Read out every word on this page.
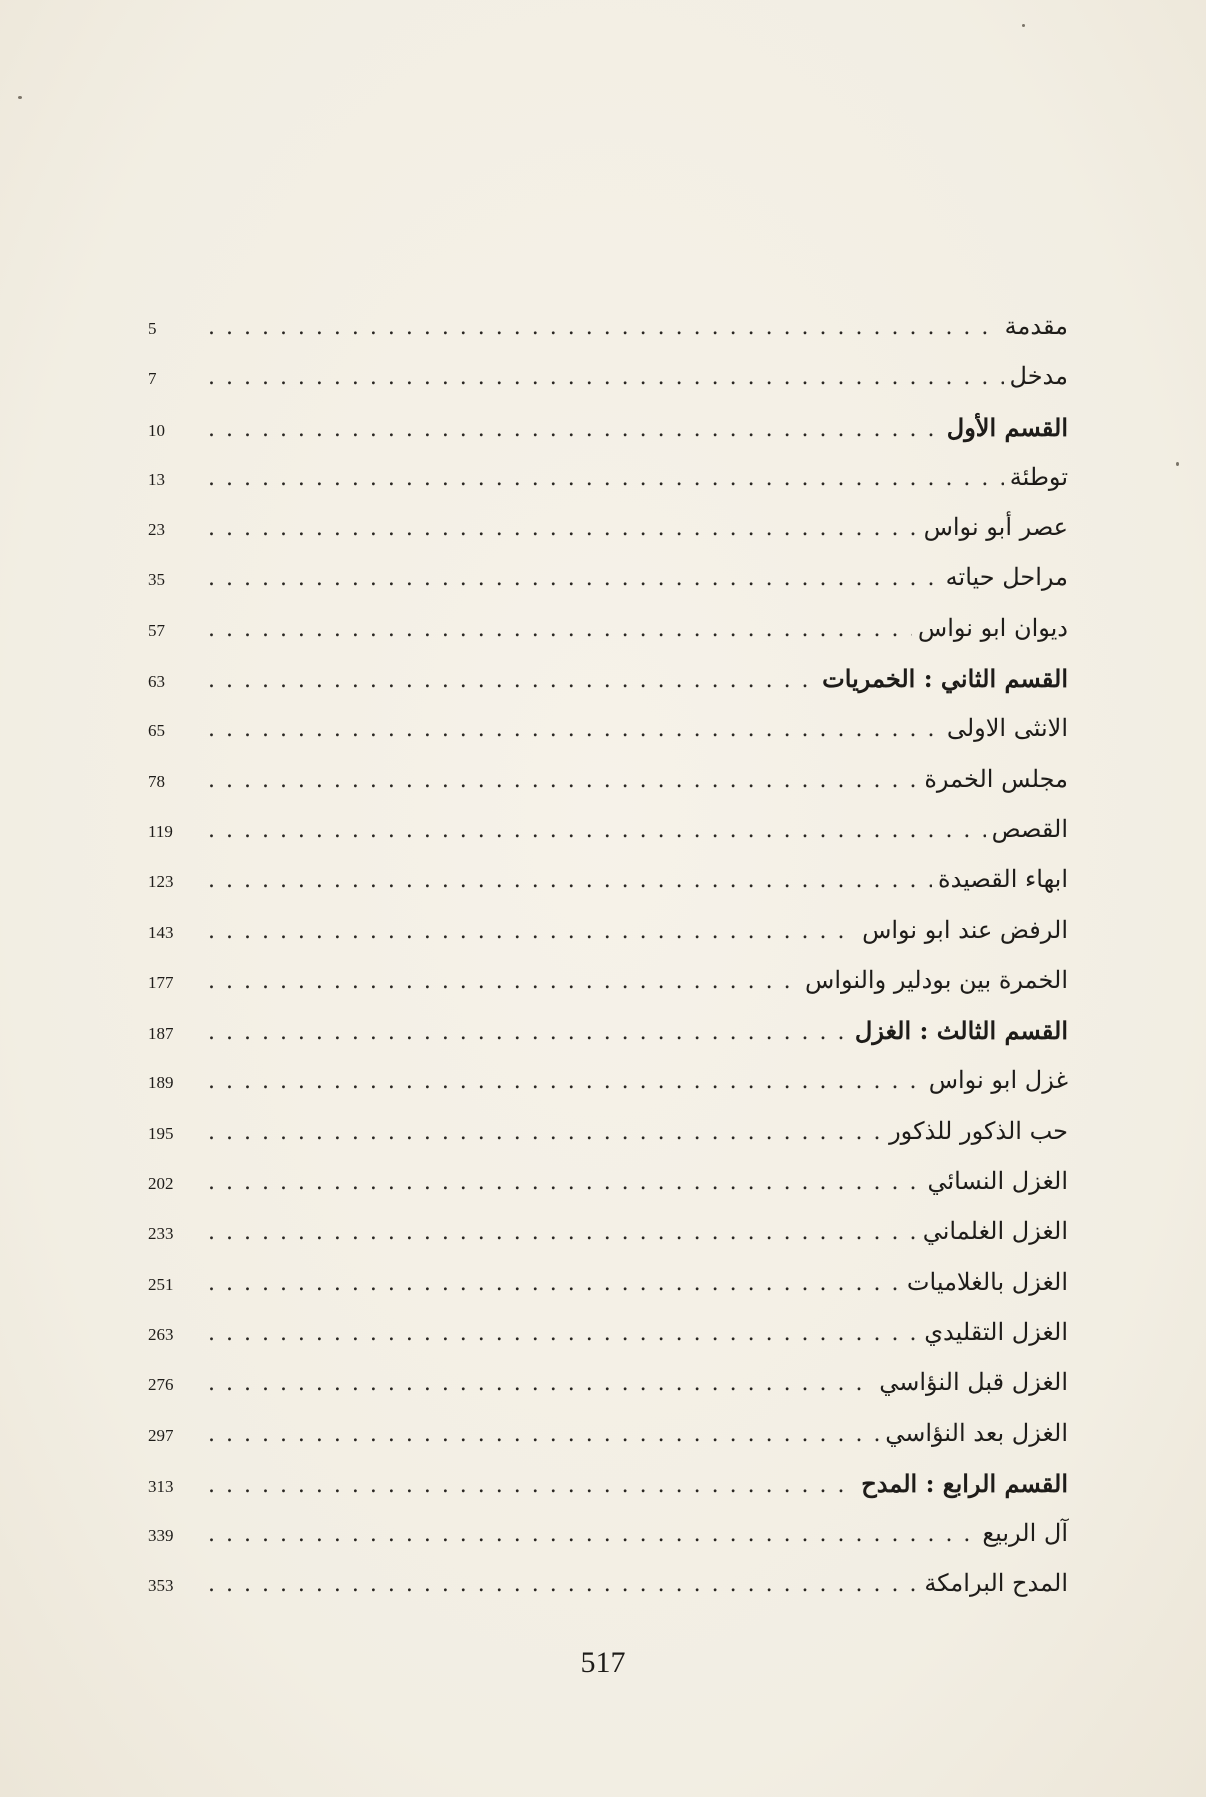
مقدمة
. . .
5
مدخل
. . .
7
القسم الأول
. . .
10
توطئة
. . .
13
عصر أبو نواس
. . .
23
مراحل حياته
. . .
35
ديوان ابو نواس
. . .
57
القسم الثاني : الخمريات
. . .
63
الانثى الاولى
. . .
65
مجلس الخمرة
. . .
78
القصص
. . .
119
ابهاء القصيدة
. . .
123
الرفض عند ابو نواس
. . .
143
الخمرة بين بودلير والنواس
. . .
177
القسم الثالث : الغزل
. . .
187
غزل ابو نواس
. . .
189
حب الذكور للذكور
. . .
195
الغزل النسائي
. . .
202
الغزل الغلماني
. . .
233
الغزل بالغلاميات
. . .
251
الغزل التقليدي
. . .
263
الغزل قبل النؤاسي
. . .
276
الغزل بعد النؤاسي
. . .
297
القسم الرابع : المدح
. . .
313
آل الربيع
. . .
339
المدح البرامكة
. . .
353
517
